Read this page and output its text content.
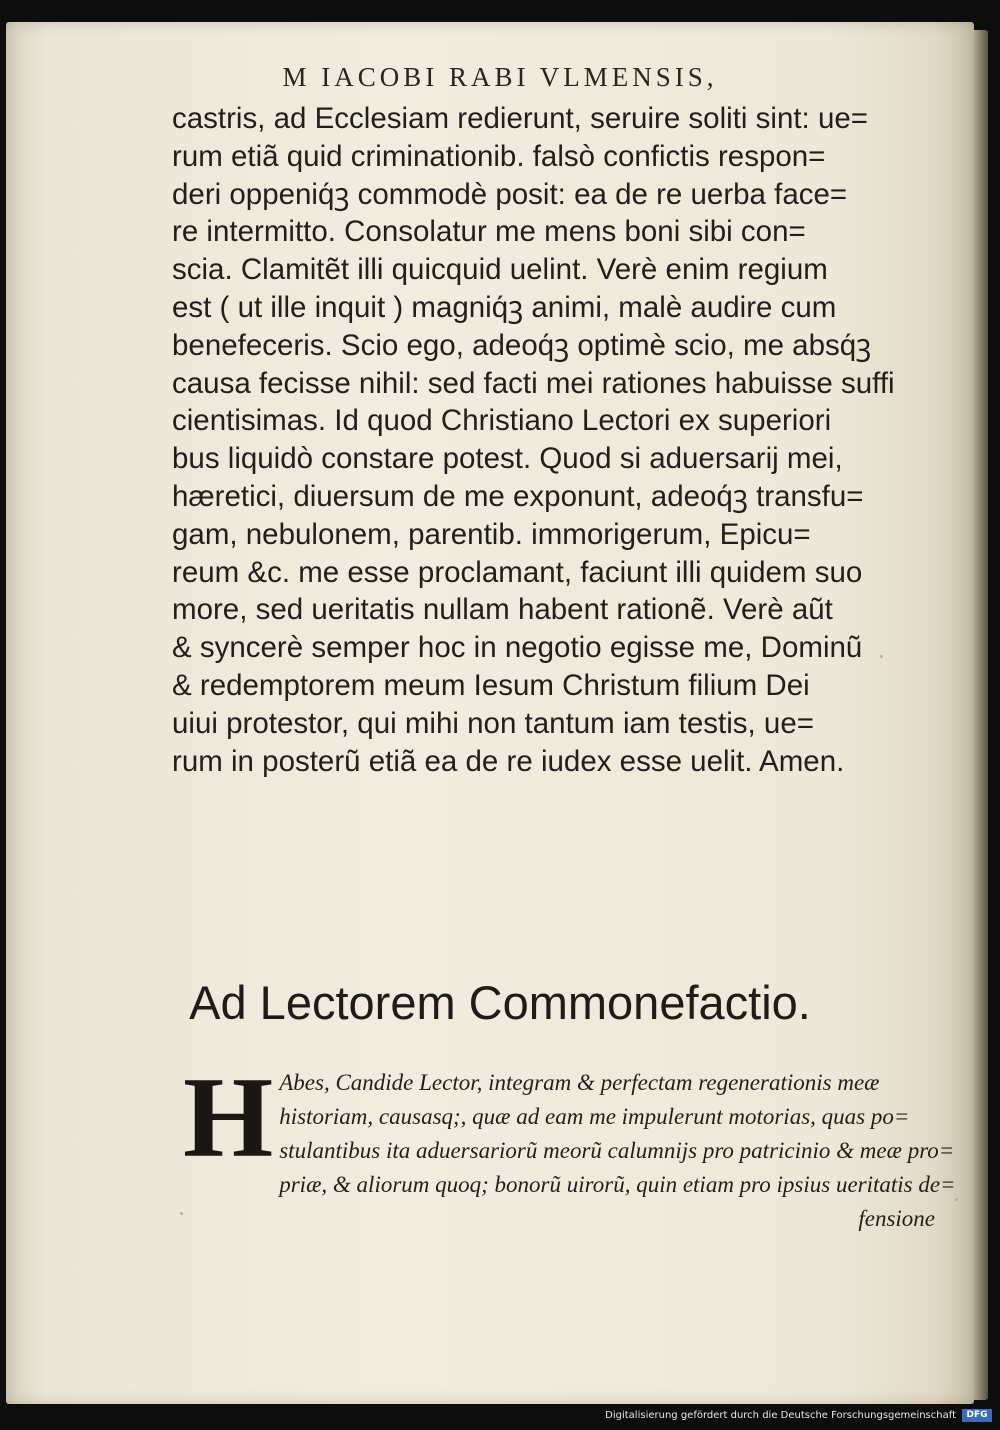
M IACOBI RABI VLMENSIS,
castris, ad Ecclesiam redierunt, seruire soliti sint: ue=
rum etiã quid criminationib. falsò confictis respon=
deri oppeniq́ꝫ commodè posit: ea de re uerba face=
re intermitto. Consolatur me mens boni sibi con=
scia. Clamitẽt illi quicquid uelint. Verè enim regium
est ( ut ille inquit ) magniq́ꝫ animi, malè audire cum
benefeceris. Scio ego, adeoq́ꝫ optimè scio, me absq́ꝫ
causa fecisse nihil: sed facti mei rationes habuisse suffi
cientisimas. Id quod Christiano Lectori ex superiori
bus liquidò constare potest. Quod si aduersarij mei,
hæretici, diuersum de me exponunt, adeoq́ꝫ transfu=
gam, nebulonem, parentib. immorigerum, Epicu=
reum &c. me esse proclamant, faciunt illi quidem suo
more, sed ueritatis nullam habent rationẽ. Verè aũt
& syncerè semper hoc in negotio egisse me, Dominũ
& redemptorem meum Iesum Christum filium Dei
uiui protestor, qui mihi non tantum iam testis, ue=
rum in posterũ etiã ea de re iudex esse uelit. Amen.
Ad Lectorem Commonefactio.
H Abes, Candide Lector, integram & perfectam regenerationis meæ
historiam, causasq;, quæ ad eam me impulerunt motorias, quas po=
stulantibus ita aduersariorũ meorũ calumnijs pro patricinio & meæ pro=
priæ, & aliorum quoq; bonorũ uirorũ, quin etiam pro ipsius ueritatis de=
fensione
Digitalisierung gefördert durch die Deutsche Forschungsgemeinschaft	DFG
